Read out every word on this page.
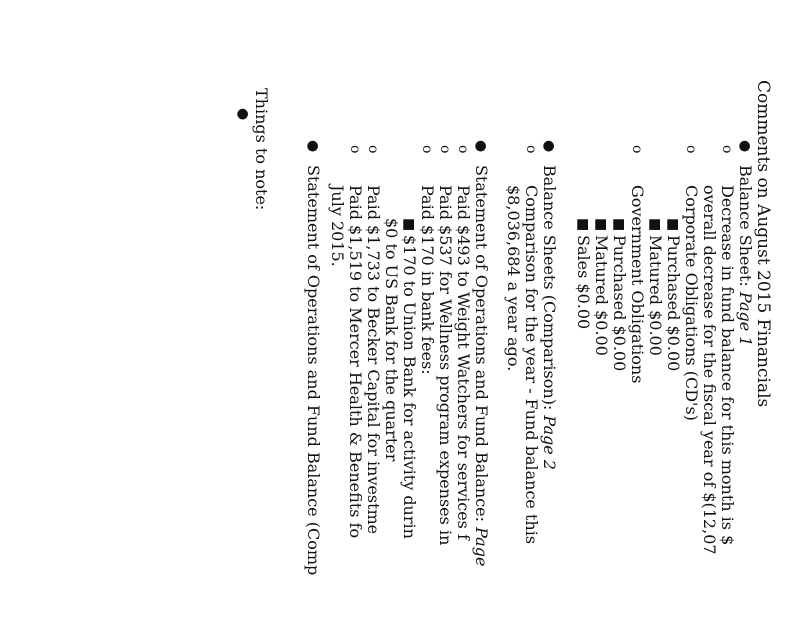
Comments on August 2015 Financials
●
Balance Sheet: Page 1
o
Decrease in fund balance for this month is $
overall decrease for the fiscal year of $(12,07
o
Corporate Obligations (CD's)
■
Purchased $0.00
■
Matured $0.00
o
Government Obligations
■
Purchased $0.00
■
Matured $0.00
■
Sales $0.00
●
Balance Sheets (Comparison): Page 2
o
Comparison for the year - Fund balance this
$8,036,684 a year ago.
●
Statement of Operations and Fund Balance: Page
o
Paid $493 to Weight Watchers for services f
o
Paid $537 for Wellness program expenses in
o
Paid $170 in bank fees:
■
$170 to Union Bank for activity durin
$0 to US Bank for the quarter
o
Paid $1,733 to Becker Capital for investme
o
Paid $1,519 to Mercer Health & Benefits fo
July 2015.
●
Statement of Operations and Fund Balance (Comp
Things to note:
●
